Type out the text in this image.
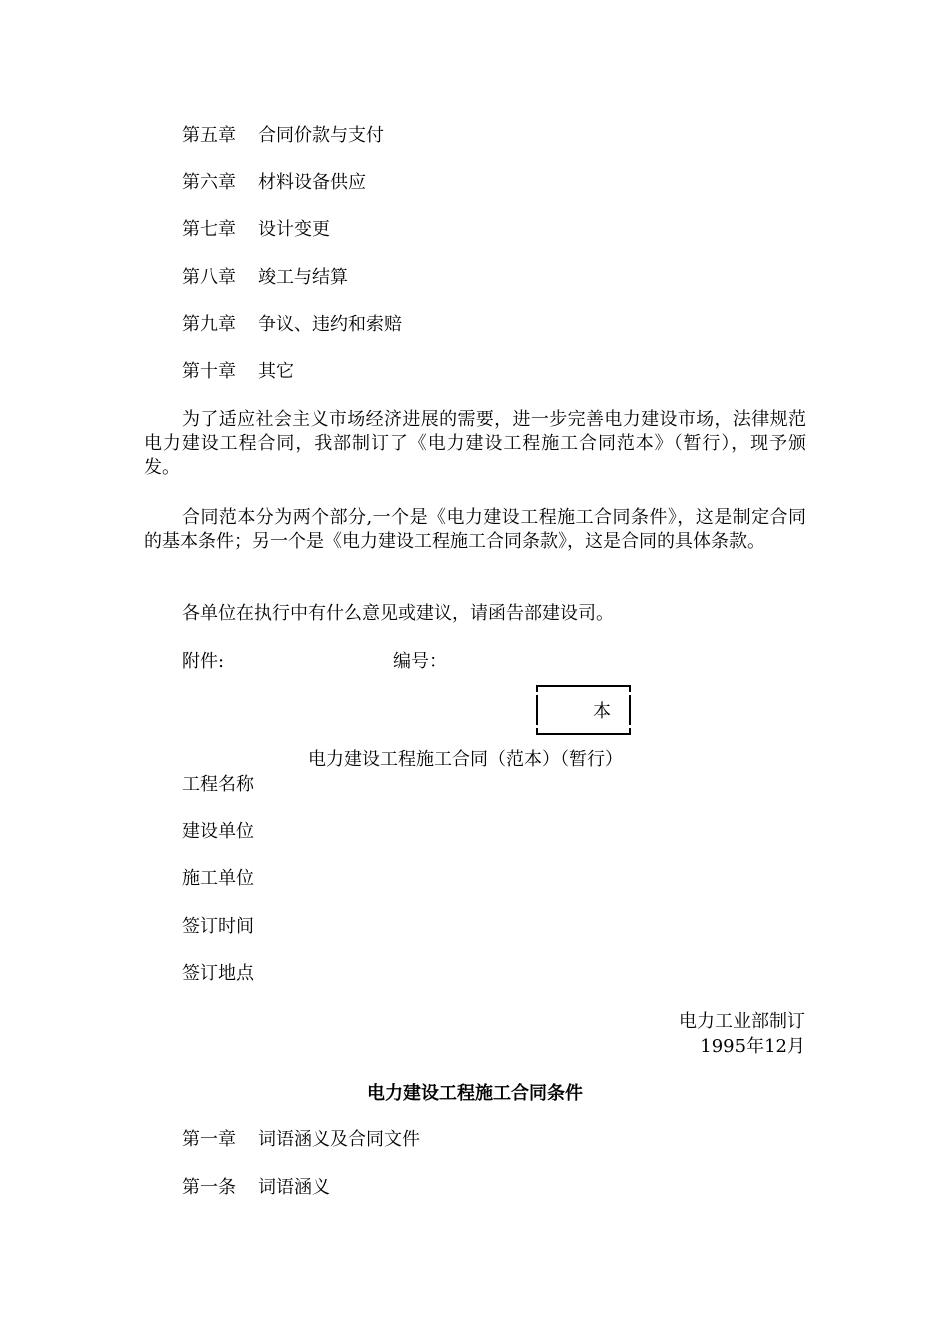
第五章 合同价款与支付
第六章 材料设备供应
第七章 设计变更
第八章 竣工与结算
第九章 争议、违约和索赔
第十章 其它
为了适应社会主义市场经济进展的需要，进一步完善电力建设市场，法律规范电力建设工程合同，我部制订了《电力建设工程施工合同范本》（暂行），现予颁发。
合同范本分为两个部分,一个是《电力建设工程施工合同条件》，这是制定合同的基本条件；另一个是《电力建设工程施工合同条款》，这是合同的具体条款。
各单位在执行中有什么意见或建议，请函告部建设司。
附件:	编号：
本
电力建设工程施工合同（范本）（暂行）
工程名称
建设单位
施工单位
签订时间
签订地点
电力工业部制订
1995年12月
电力建设工程施工合同条件
第一章 词语涵义及合同文件
第一条 词语涵义
